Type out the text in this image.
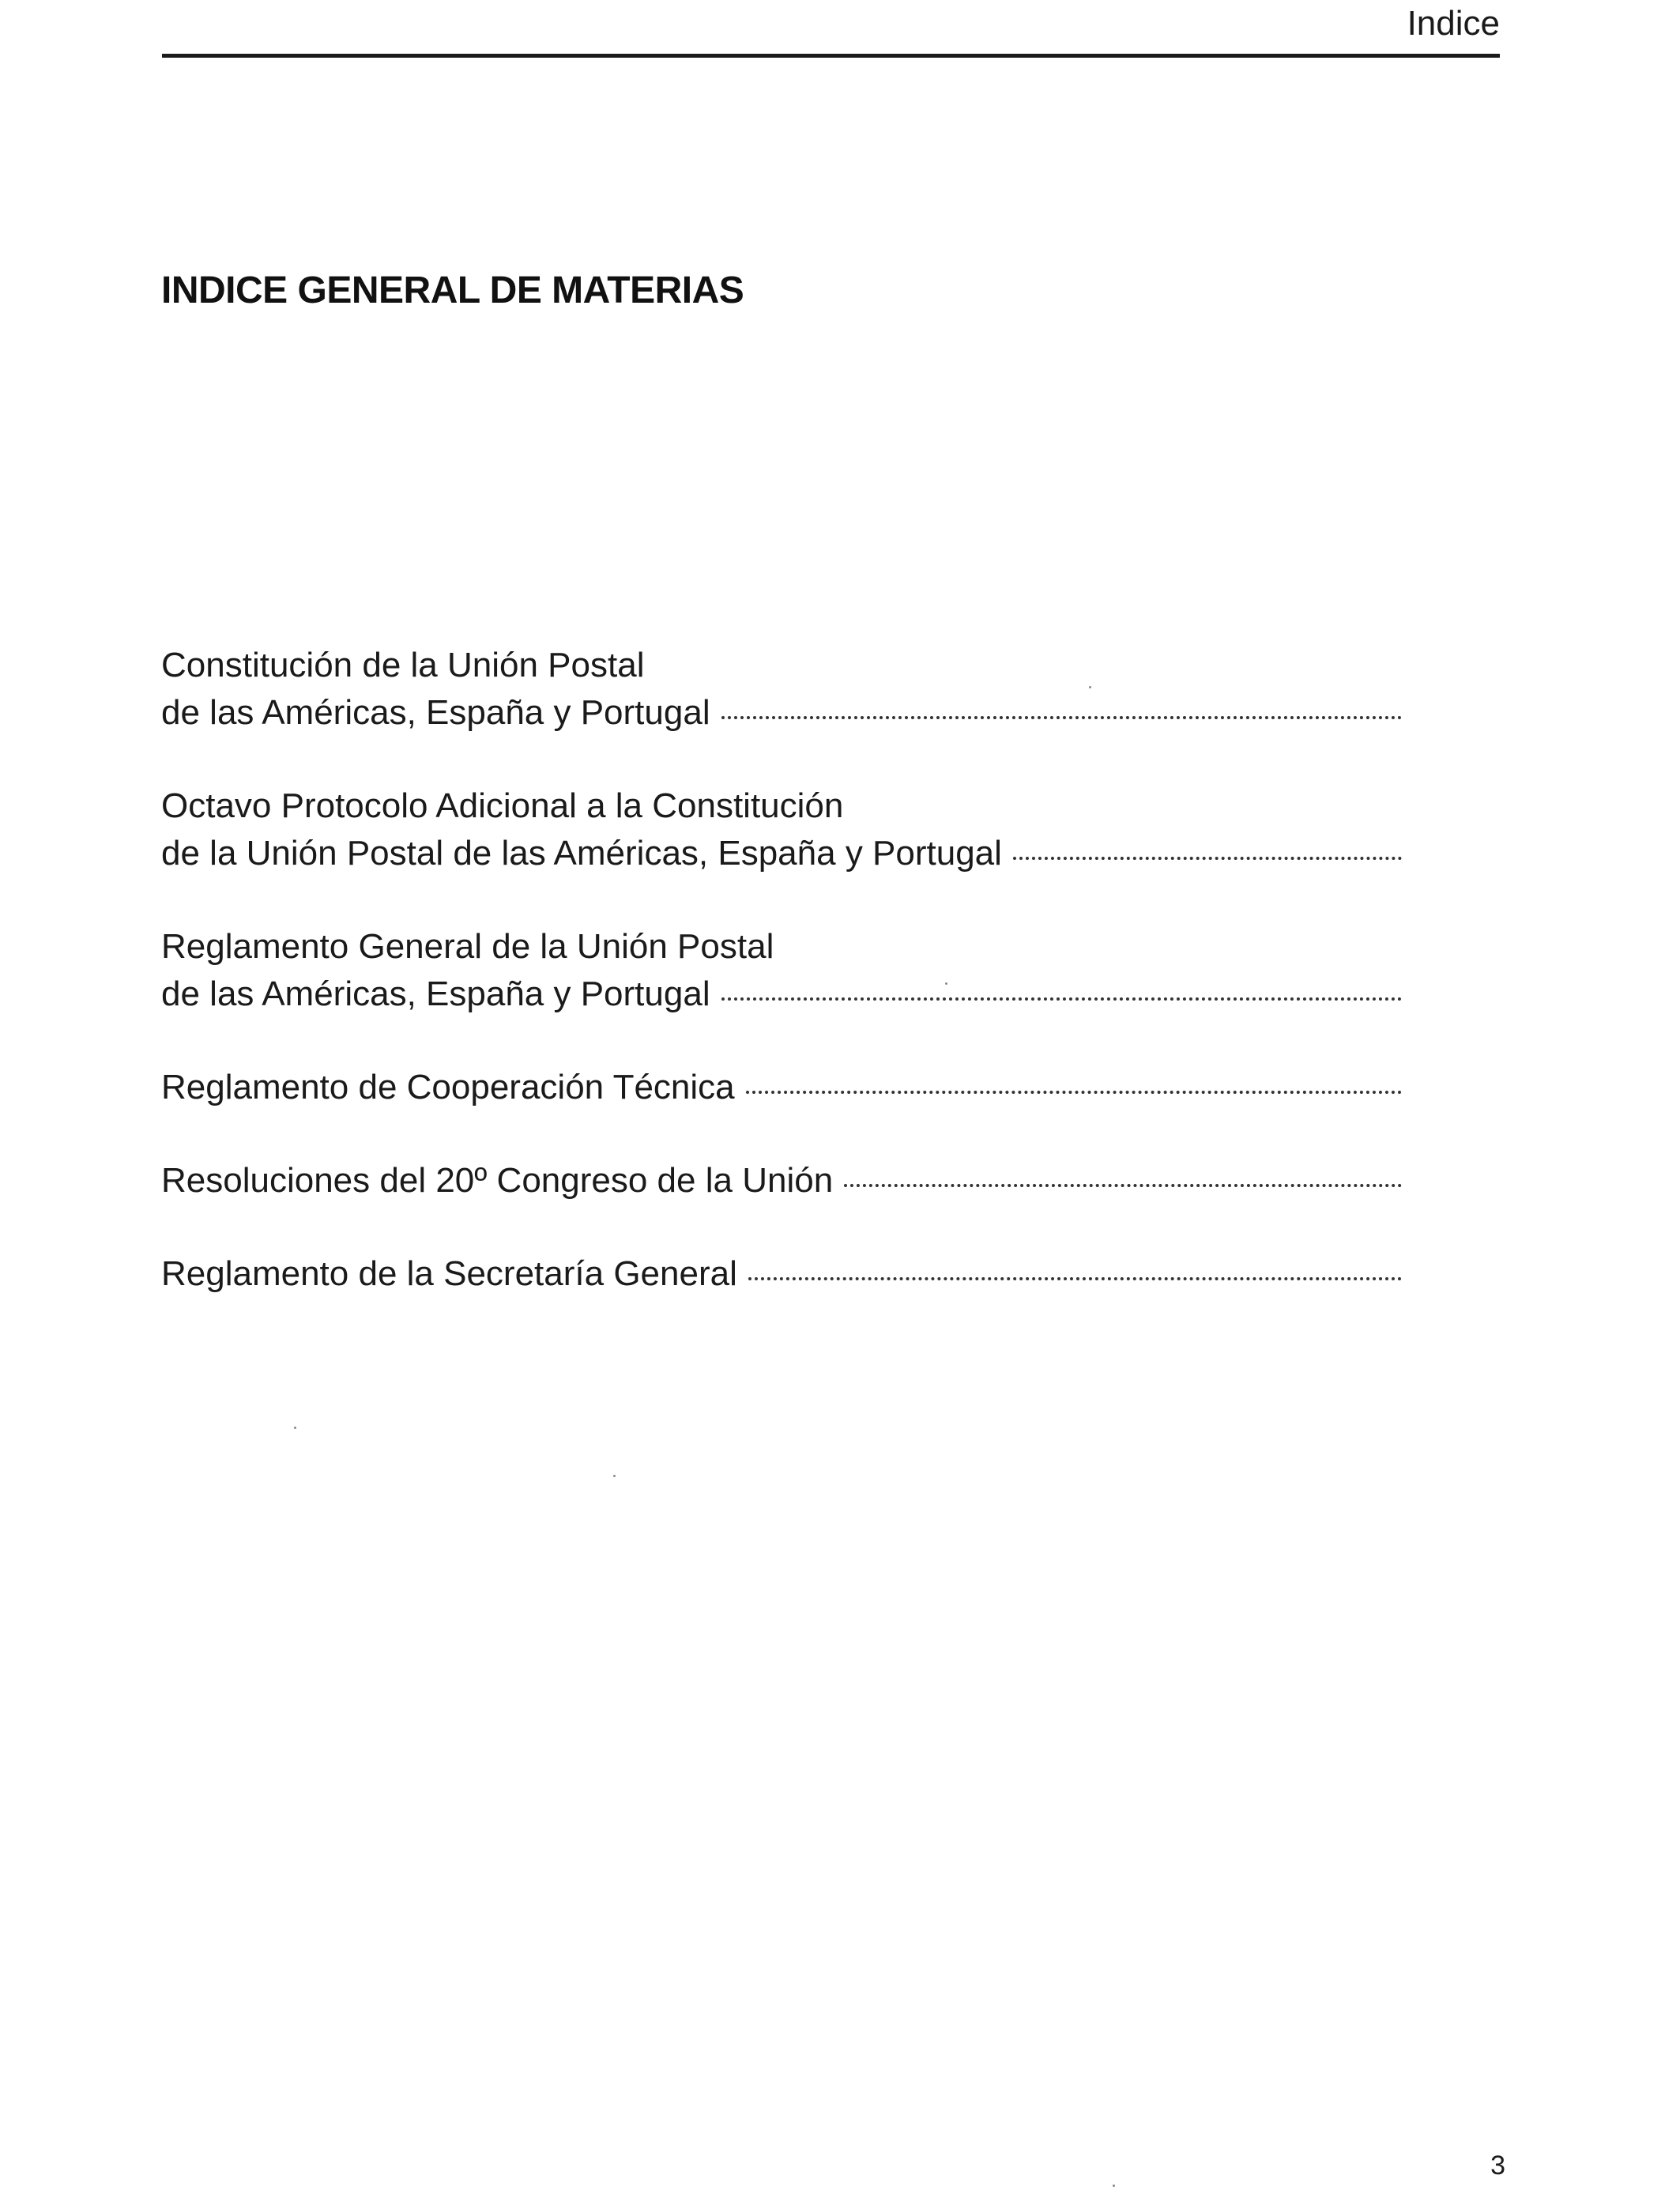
Indice
INDICE GENERAL DE MATERIAS
Constitución de la Unión Postal
de las Américas, España y Portugal
Octavo Protocolo Adicional a la Constitución
de la Unión Postal de las Américas, España y Portugal
Reglamento General de la Unión Postal
de las Américas, España y Portugal
Reglamento de Cooperación Técnica
Resoluciones del 20º Congreso de la Unión
Reglamento de la Secretaría General
3
